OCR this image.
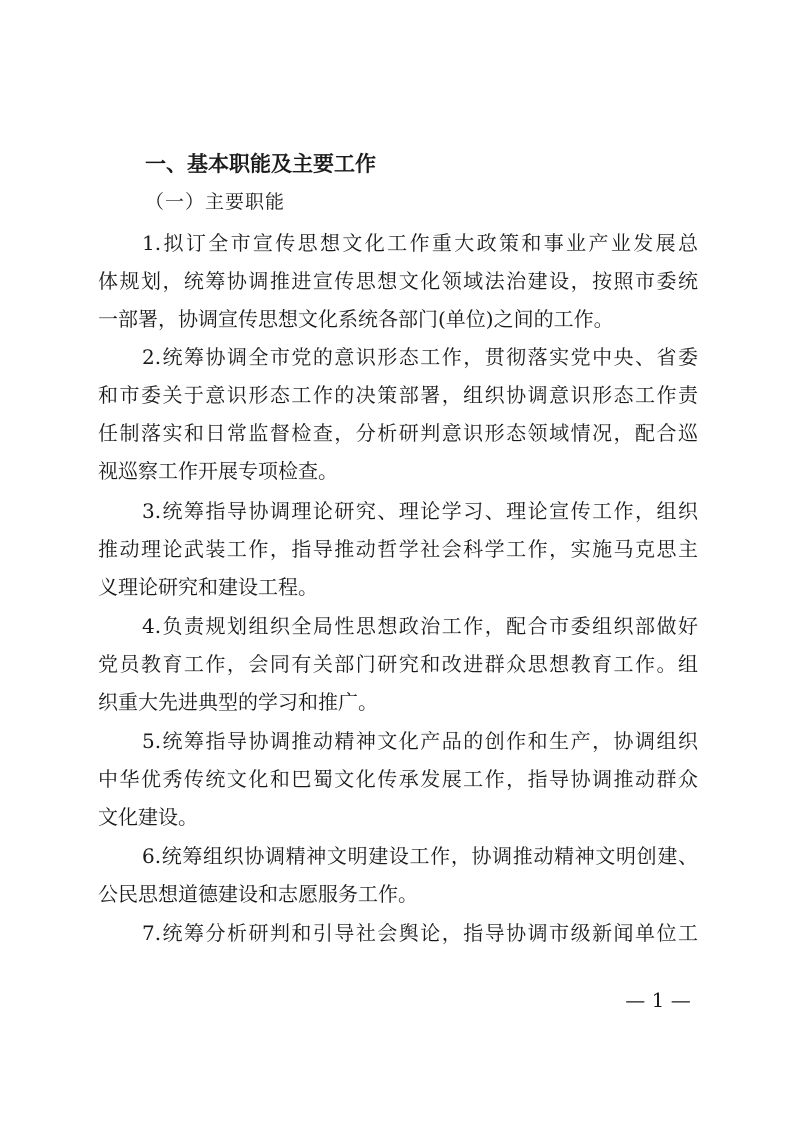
一、基本职能及主要工作
（一）主要职能
1.拟订全市宣传思想文化工作重大政策和事业产业发展总
体规划，统筹协调推进宣传思想文化领域法治建设，按照市委统
一部署，协调宣传思想文化系统各部门(单位)之间的工作。
2.统筹协调全市党的意识形态工作，贯彻落实党中央、省委
和市委关于意识形态工作的决策部署，组织协调意识形态工作责
任制落实和日常监督检查，分析研判意识形态领域情况，配合巡
视巡察工作开展专项检查。
3.统筹指导协调理论研究、理论学习、理论宣传工作，组织
推动理论武装工作，指导推动哲学社会科学工作，实施马克思主
义理论研究和建设工程。
4.负责规划组织全局性思想政治工作，配合市委组织部做好
党员教育工作，会同有关部门研究和改进群众思想教育工作。组
织重大先进典型的学习和推广。
5.统筹指导协调推动精神文化产品的创作和生产，协调组织
中华优秀传统文化和巴蜀文化传承发展工作，指导协调推动群众
文化建设。
6.统筹组织协调精神文明建设工作，协调推动精神文明创建、
公民思想道德建设和志愿服务工作。
7.统筹分析研判和引导社会舆论，指导协调市级新闻单位工
— 1 —
